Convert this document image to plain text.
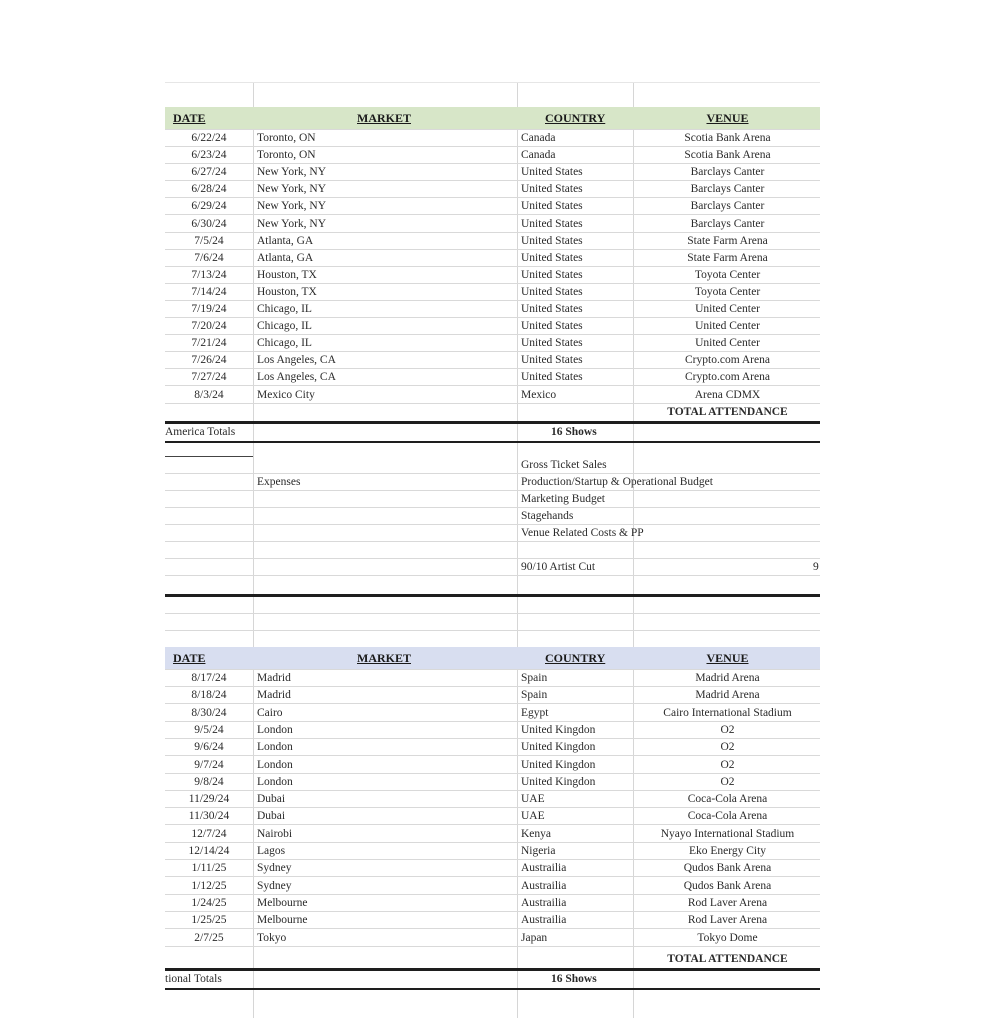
DATE	MARKET	COUNTRY	VENUE
6/22/24	Toronto, ON	Canada	Scotia Bank Arena
6/23/24	Toronto, ON	Canada	Scotia Bank Arena
6/27/24	New York, NY	United States	Barclays Canter
6/28/24	New York, NY	United States	Barclays Canter
6/29/24	New York, NY	United States	Barclays Canter
6/30/24	New York, NY	United States	Barclays Canter
7/5/24	Atlanta, GA	United States	State Farm Arena
7/6/24	Atlanta, GA	United States	State Farm Arena
7/13/24	Houston, TX	United States	Toyota Center
7/14/24	Houston, TX	United States	Toyota Center
7/19/24	Chicago, IL	United States	United Center
7/20/24	Chicago, IL	United States	United Center
7/21/24	Chicago, IL	United States	United Center
7/26/24	Los Angeles, CA	United States	Crypto.com Arena
7/27/24	Los Angeles, CA	United States	Crypto.com Arena
8/3/24	Mexico City	Mexico	Arena CDMX
TOTAL ATTENDANCE
America Totals	16 Shows
Gross Ticket Sales
Expenses	Production/Startup & Operational Budget
Marketing Budget
Stagehands
Venue Related Costs & PP
90/10 Artist Cut	9
DATE	MARKET	COUNTRY	VENUE
8/17/24	Madrid	Spain	Madrid Arena
8/18/24	Madrid	Spain	Madrid Arena
8/30/24	Cairo	Egypt	Cairo International Stadium
9/5/24	London	United Kingdon	O2
9/6/24	London	United Kingdon	O2
9/7/24	London	United Kingdon	O2
9/8/24	London	United Kingdon	O2
11/29/24	Dubai	UAE	Coca-Cola Arena
11/30/24	Dubai	UAE	Coca-Cola Arena
12/7/24	Nairobi	Kenya	Nyayo International Stadium
12/14/24	Lagos	Nigeria	Eko Energy City
1/11/25	Sydney	Austrailia	Qudos Bank Arena
1/12/25	Sydney	Austrailia	Qudos Bank Arena
1/24/25	Melbourne	Austrailia	Rod Laver Arena
1/25/25	Melbourne	Austrailia	Rod Laver Arena
2/7/25	Tokyo	Japan	Tokyo Dome
TOTAL ATTENDANCE
tional Totals	16 Shows
